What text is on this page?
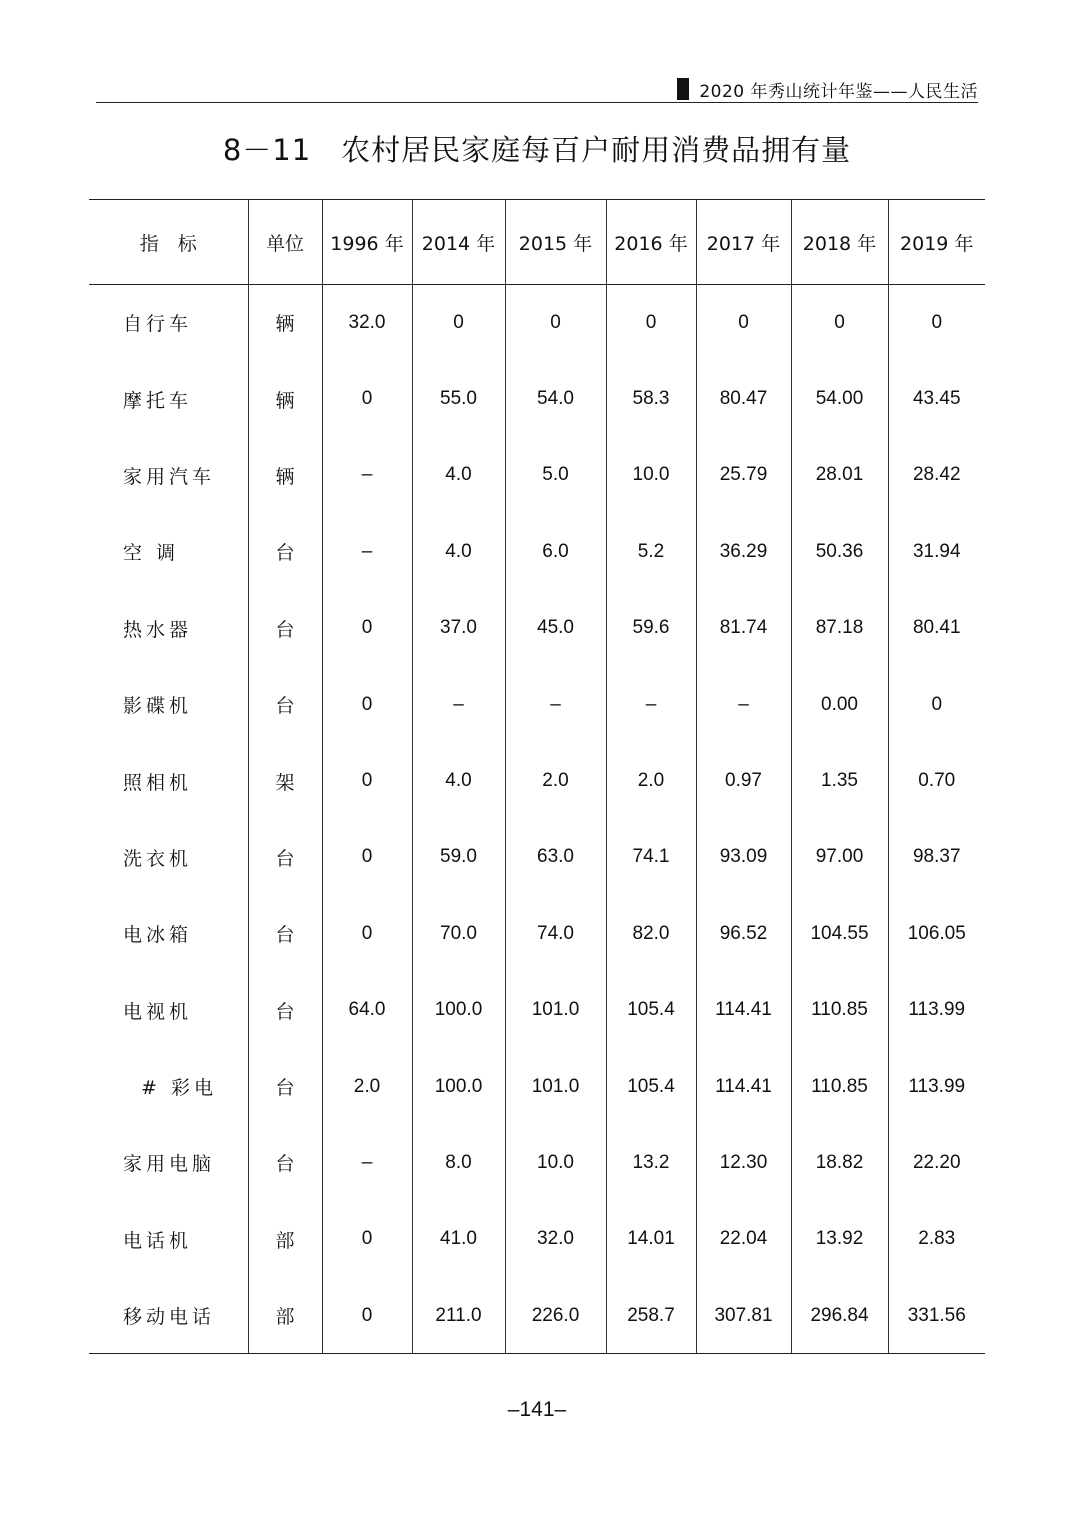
2020 年秀山统计年鉴——人民生活
8－11 农村居民家庭每百户耐用消费品拥有量
指　标	单位	1996 年	2014 年	2015 年	2016 年	2017 年	2018 年	2019 年
自行车	辆	32.0	0	0	0	0	0	0
摩托车	辆	0	55.0	54.0	58.3	80.47	54.00	43.45
家用汽车	辆	–	4.0	5.0	10.0	25.79	28.01	28.42
空 调	台	–	4.0	6.0	5.2	36.29	50.36	31.94
热水器	台	0	37.0	45.0	59.6	81.74	87.18	80.41
影碟机	台	0	–	–	–	–	0.00	0
照相机	架	0	4.0	2.0	2.0	0.97	1.35	0.70
洗衣机	台	0	59.0	63.0	74.1	93.09	97.00	98.37
电冰箱	台	0	70.0	74.0	82.0	96.52	104.55	106.05
电视机	台	64.0	100.0	101.0	105.4	114.41	110.85	113.99
# 彩电	台	2.0	100.0	101.0	105.4	114.41	110.85	113.99
家用电脑	台	–	8.0	10.0	13.2	12.30	18.82	22.20
电话机	部	0	41.0	32.0	14.01	22.04	13.92	2.83
移动电话	部	0	211.0	226.0	258.7	307.81	296.84	331.56
–141–
